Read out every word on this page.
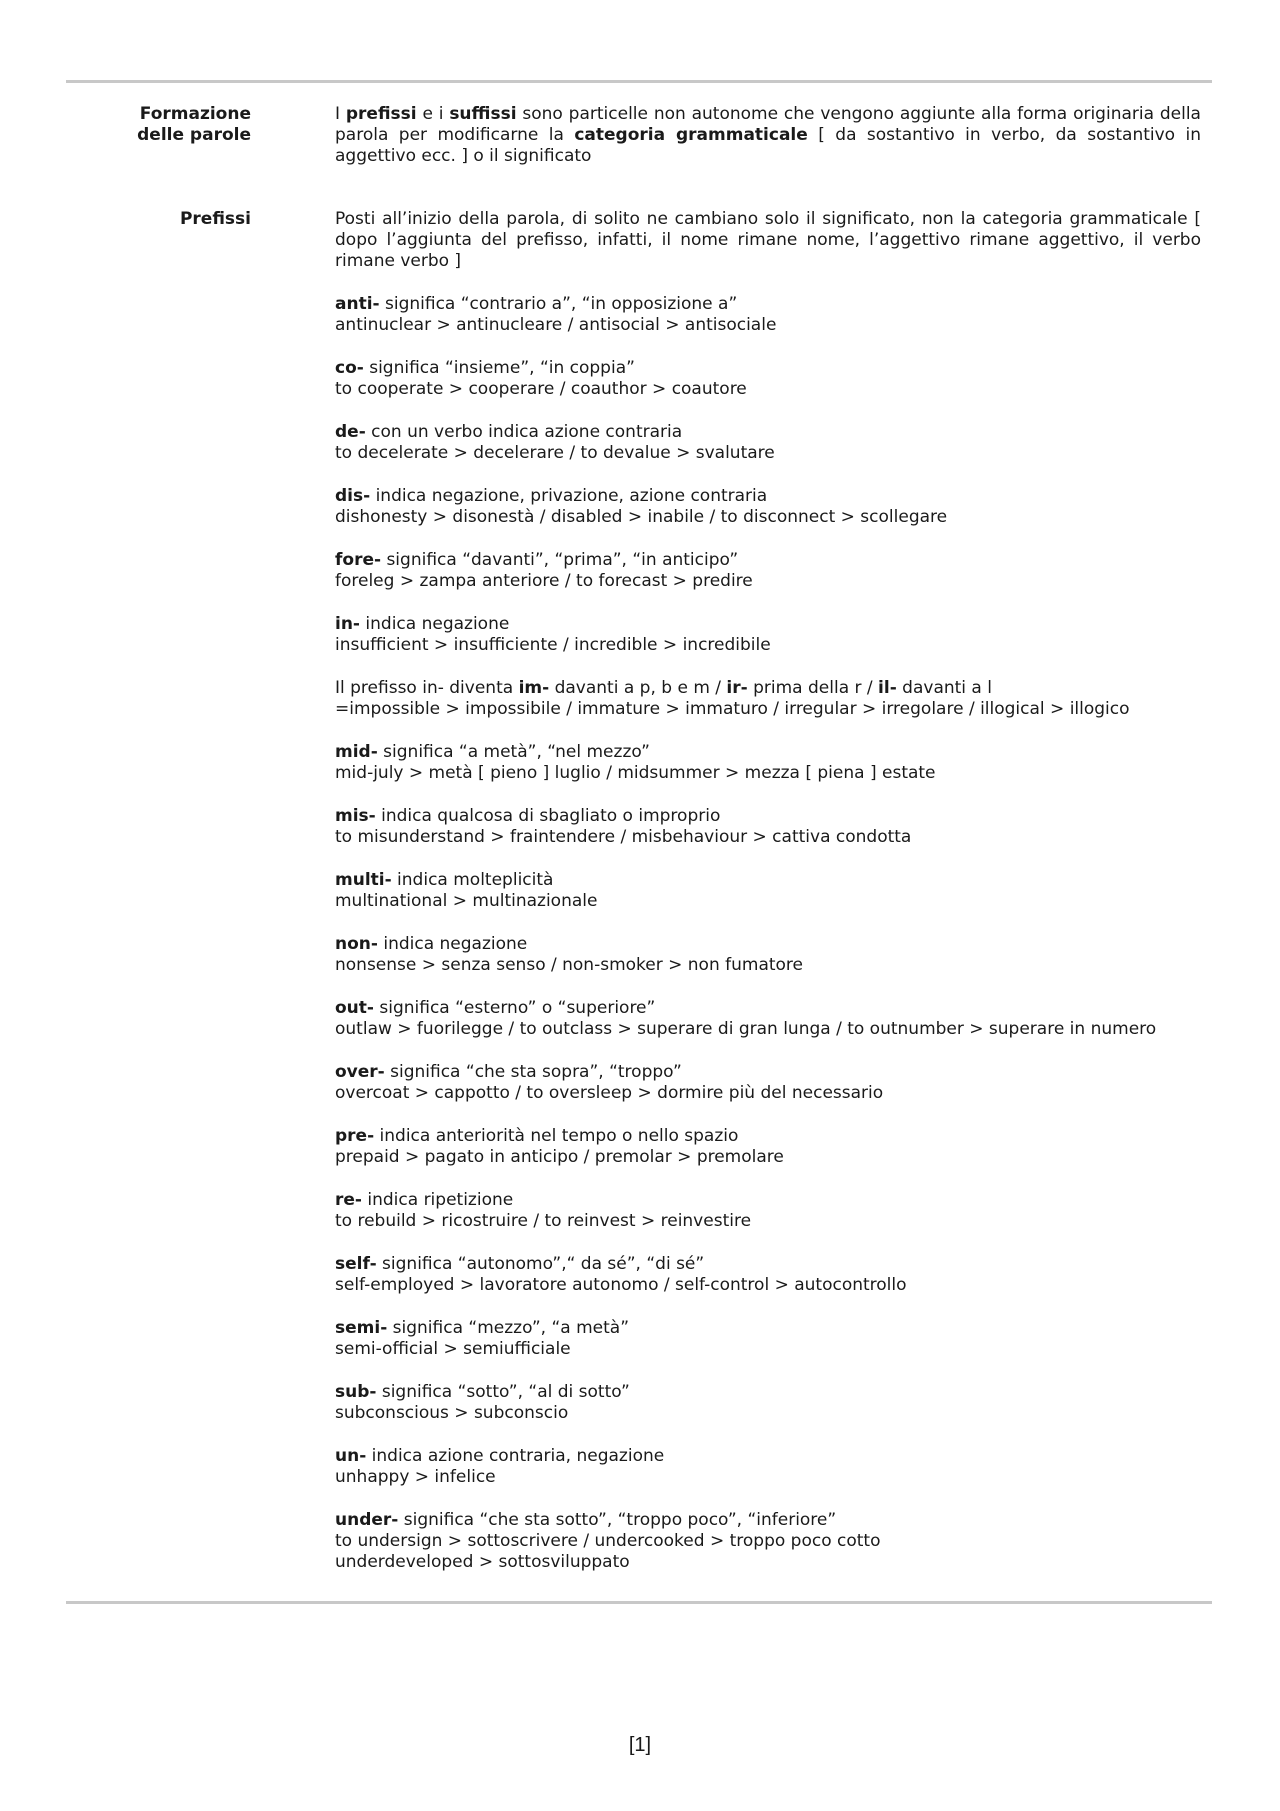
Formazione
delle parole

I prefissi e i suffissi sono particelle non autonome che vengono aggiunte alla forma originaria della parola per modificarne la categoria grammaticale [ da sostantivo in verbo, da sostantivo in aggettivo ecc. ] o il significato

Prefissi	Posti all’inizio della parola, di solito ne cambiano solo il significato, non la categoria grammaticale [ dopo l’aggiunta del prefisso, infatti, il nome rimane nome, l’aggettivo rimane aggettivo, il verbo rimane verbo ]

anti- significa “contrario a”, “in opposizione a”
antinuclear > antinucleare / antisocial > antisociale
co- significa “insieme”, “in coppia”
to cooperate > cooperare / coauthor > coautore
de- con un verbo indica azione contraria
to decelerate > decelerare / to devalue > svalutare
dis- indica negazione, privazione, azione contraria
dishonesty > disonestà / disabled > inabile / to disconnect > scollegare
fore- significa “davanti”, “prima”, “in anticipo”
foreleg > zampa anteriore / to forecast > predire
in- indica negazione
insufficient > insufficiente / incredible > incredibile
Il prefisso in- diventa im- davanti a p, b e m / ir- prima della r / il- davanti a l
=impossible > impossibile / immature > immaturo / irregular > irregolare / illogical > illogico
mid- significa “a metà”, “nel mezzo”
mid-july > metà [ pieno ] luglio / midsummer > mezza [ piena ] estate
mis- indica qualcosa di sbagliato o improprio
to misunderstand > fraintendere / misbehaviour > cattiva condotta
multi- indica molteplicità
multinational > multinazionale
non- indica negazione
nonsense > senza senso / non-smoker > non fumatore
out- significa “esterno” o “superiore”
outlaw > fuorilegge / to outclass > superare di gran lunga / to outnumber > superare in numero
over- significa “che sta sopra”, “troppo”
overcoat > cappotto / to oversleep > dormire più del necessario
pre- indica anteriorità nel tempo o nello spazio
prepaid > pagato in anticipo / premolar > premolare
re- indica ripetizione
to rebuild > ricostruire / to reinvest > reinvestire
self- significa “autonomo”,“ da sé”, “di sé”
self-employed > lavoratore autonomo / self-control > autocontrollo
semi- significa “mezzo”, “a metà”
semi-official > semiufficiale
sub- significa “sotto”, “al di sotto”
subconscious > subconscio
un- indica azione contraria, negazione
unhappy > infelice
under- significa “che sta sotto”, “troppo poco”, “inferiore”
to undersign > sottoscrivere / undercooked > troppo poco cotto
underdeveloped > sottosviluppato
[1]
